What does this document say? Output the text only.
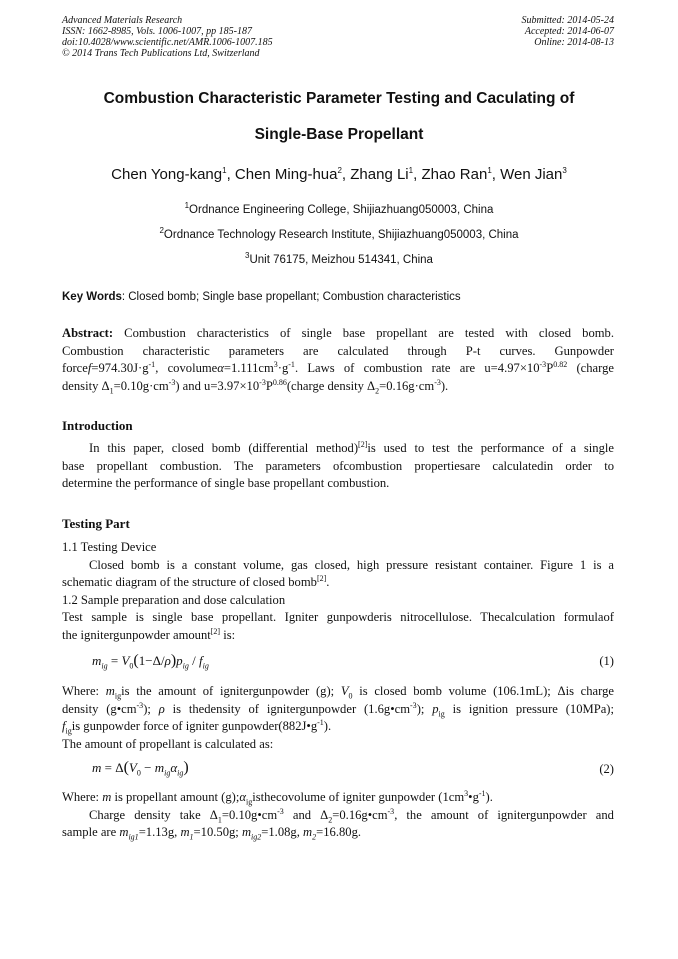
Advanced Materials Research
ISSN: 1662-8985, Vols. 1006-1007, pp 185-187
doi:10.4028/www.scientific.net/AMR.1006-1007.185
© 2014 Trans Tech Publications Ltd, Switzerland
Submitted: 2014-05-24
Accepted: 2014-06-07
Online: 2014-08-13
Combustion Characteristic Parameter Testing and Caculating of
Single-Base Propellant
Chen Yong-kang$^1$, Chen Ming-hua$^2$, Zhang Li$^1$, Zhao Ran$^1$, Wen Jian$^3$
$^1$Ordnance Engineering College, Shijiazhuang050003, China
$^2$Ordnance Technology Research Institute, Shijiazhuang050003, China
$^3$Unit 76175, Meizhou 514341, China
Key Words: Closed bomb; Single base propellant; Combustion characteristics
Abstract: Combustion characteristics of single base propellant are tested with closed bomb.
Combustion characteristic parameters are calculated through P-t curves. Gunpowder
$forcef=974.30J\cdot g^{-1}$, $covolume\alpha=1.111cm^3\cdot g^{-1}$. Laws of combustion rate are $u=4.97\times 10^{-3}P^{0.82}$ (charge
density $\Delta_1=0.10g\cdot cm^{-3}$) and $u=3.97\times 10^{-3}P^{0.86}(charge$ density $\Delta_2=0.16g\cdot cm^{-3}$).
Introduction
In this paper, closed bomb (differential method)[2]is used to test the performance of a single
base propellant combustion. The parameters ofcombustion propertiesare calculatedin order to
determine the performance of single base propellant combustion.
Testing Part
1.1 Testing Device
Closed bomb is a constant volume, gas closed, high pressure resistant container. Figure 1 is a
schematic diagram of the structure of closed bomb[2].
1.2 Sample preparation and dose calculation
Test sample is single base propellant. Igniter gunpowderis nitrocellulose. Thecalculation formulaof
the ignitergunpowder amount[2] is:
$m_{ig} = V_0(1-\Delta/\rho)p_{ig} / f_{ig}$	(1)
Where: $m_{ig}is$ the amount of ignitergunpowder (g); $V_0$ is closed bomb volume (106.1mL); Δis charge
density $(g•cm^{-3})$; ρ is thedensity of ignitergunpowder $(1.6g•cm^{-3})$; $p_{ig}$ is ignition pressure (10MPa);
$f_{ig}is$ gunpowder force of igniter $gunpowder(882J•g^{-1})$.
The amount of propellant is calculated as:
$m = \Delta(V_0 - m_{ig}\alpha_{ig})$	(2)
Where: m is propellant amount $(g);\alpha_{ig}isthecovolume$ of igniter gunpowder $(1cm^3•g^{-1})$.
Charge density take $\Delta_1=0.10g•cm^{-3}$ and $\Delta_2=0.16g•cm^{-3}$, the amount of ignitergunpowder and
sample are $m_{ig1}=1.13g$, $m_1=10.50g$; $m_{ig2}=1.08g$, $m_2=16.80g$.
